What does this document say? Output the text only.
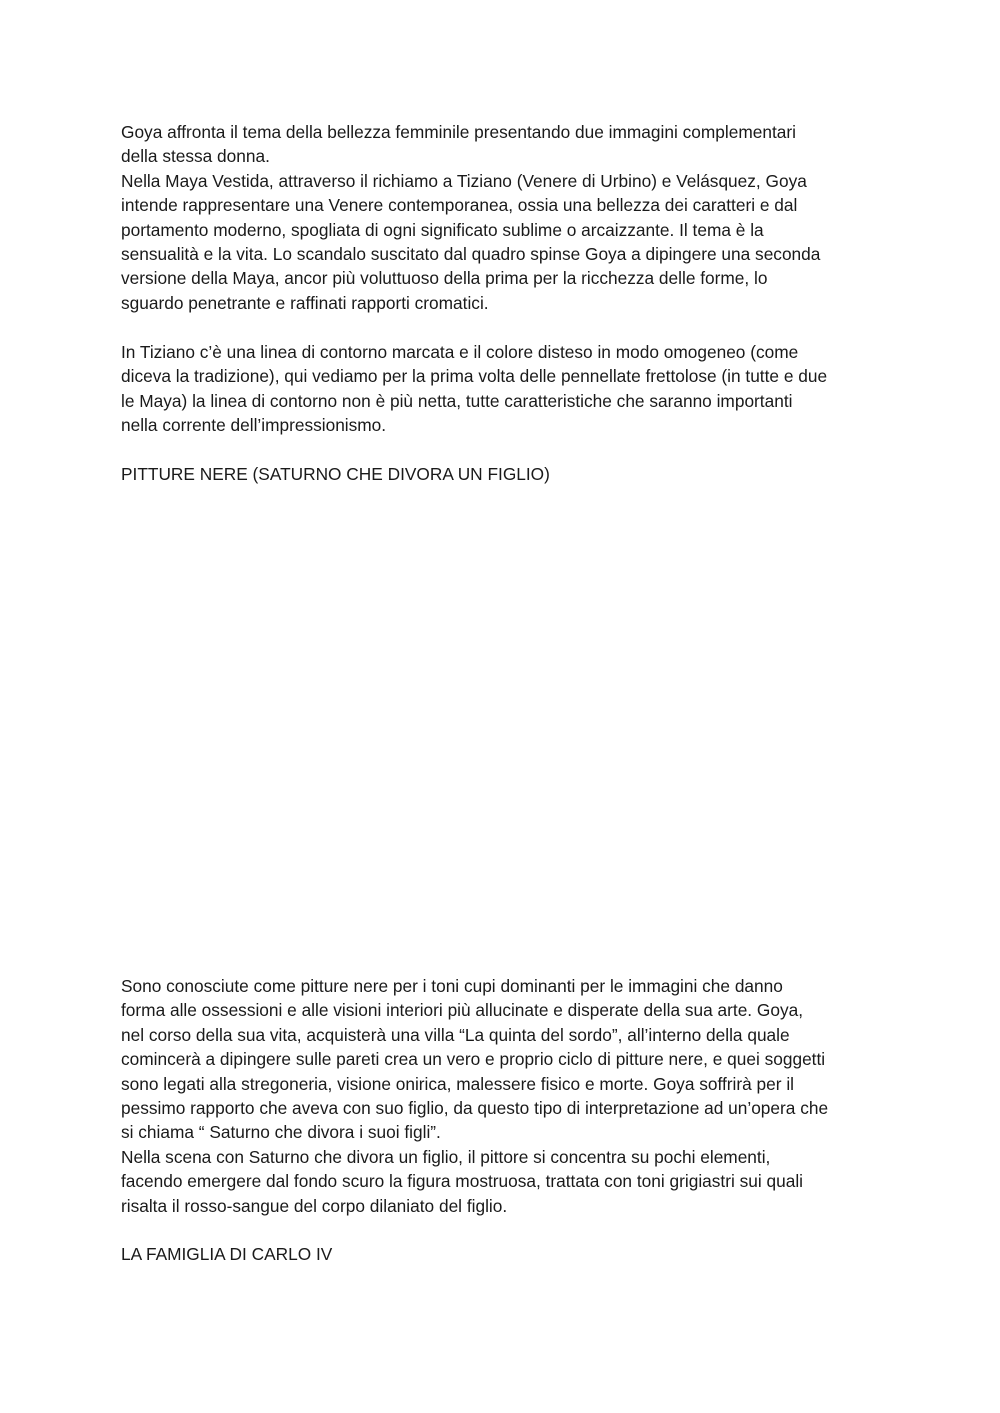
Goya affronta il tema della bellezza femminile presentando due immagini complementari
della stessa donna.
Nella Maya Vestida, attraverso il richiamo a Tiziano (Venere di Urbino) e Velásquez, Goya
intende rappresentare una Venere contemporanea, ossia una bellezza dei caratteri e dal
portamento moderno, spogliata di ogni significato sublime o arcaizzante. Il tema è la
sensualità e la vita. Lo scandalo suscitato dal quadro spinse Goya a dipingere una seconda
versione della Maya, ancor più voluttuoso della prima per la ricchezza delle forme, lo
sguardo penetrante e raffinati rapporti cromatici.
In Tiziano c’è una linea di contorno marcata e il colore disteso in modo omogeneo (come
diceva la tradizione), qui vediamo per la prima volta delle pennellate frettolose (in tutte e due
le Maya) la linea di contorno non è più netta, tutte caratteristiche che saranno importanti
nella corrente dell’impressionismo.
PITTURE NERE (SATURNO CHE DIVORA UN FIGLIO)
Sono conosciute come pitture nere per i toni cupi dominanti per le immagini che danno
forma alle ossessioni e alle visioni interiori più allucinate e disperate della sua arte. Goya,
nel corso della sua vita, acquisterà una villa “La quinta del sordo”, all’interno della quale
comincerà a dipingere sulle pareti crea un vero e proprio ciclo di pitture nere, e quei soggetti
sono legati alla stregoneria, visione onirica, malessere fisico e morte. Goya soffrirà per il
pessimo rapporto che aveva con suo figlio, da questo tipo di interpretazione ad un’opera che
si chiama “ Saturno che divora i suoi figli”.
Nella scena con Saturno che divora un figlio, il pittore si concentra su pochi elementi,
facendo emergere dal fondo scuro la figura mostruosa, trattata con toni grigiastri sui quali
risalta il rosso-sangue del corpo dilaniato del figlio.
LA FAMIGLIA DI CARLO IV
